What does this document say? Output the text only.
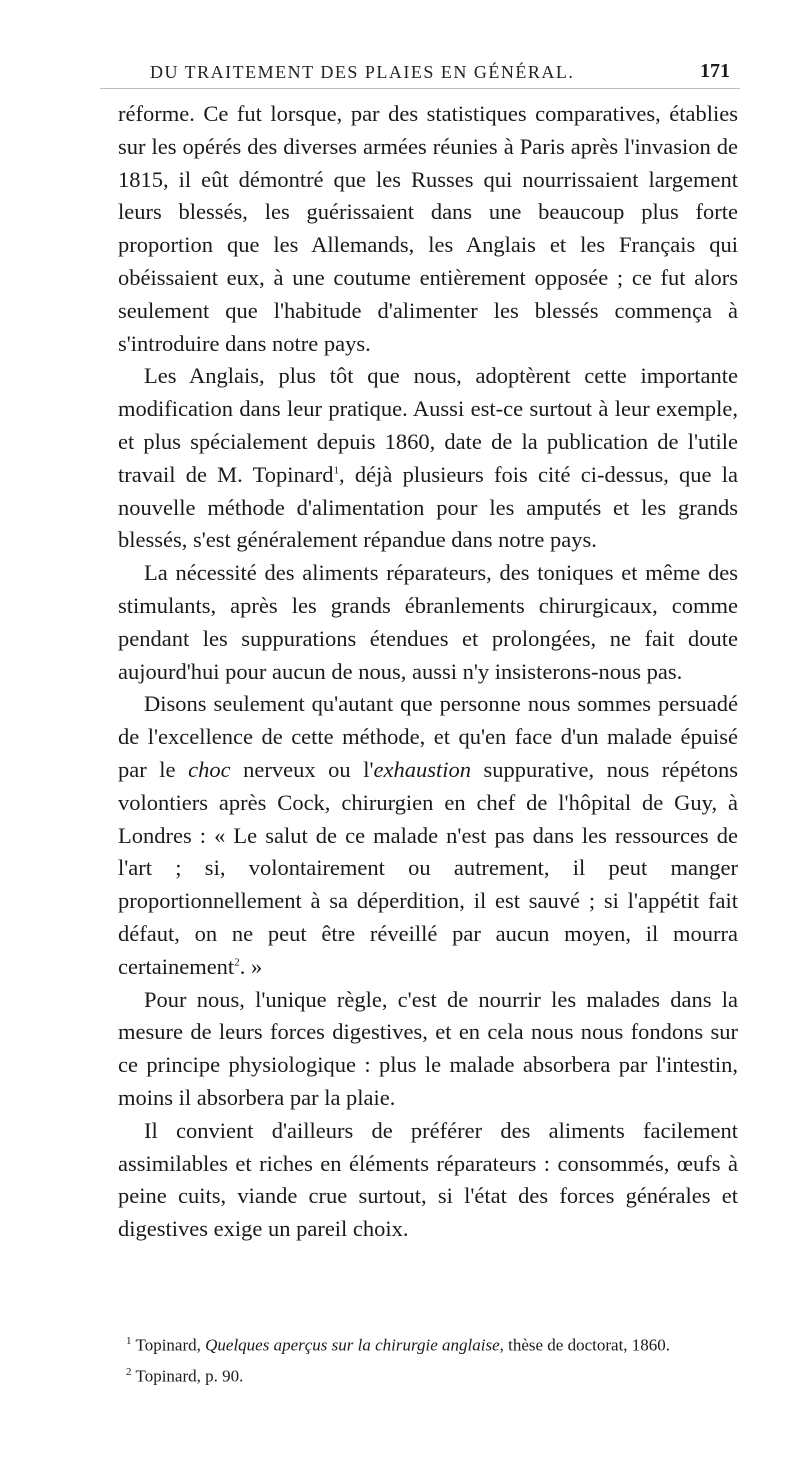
DU TRAITEMENT DES PLAIES EN GÉNÉRAL.	171

réforme. Ce fut lorsque, par des statistiques comparatives, établies sur les opérés des diverses armées réunies à Paris après l'invasion de 1815, il eût démontré que les Russes qui nourrissaient largement leurs blessés, les guérissaient dans une beaucoup plus forte proportion que les Allemands, les Anglais et les Français qui obéissaient eux, à une coutume entièrement opposée ; ce fut alors seulement que l'habitude d'alimenter les blessés commença à s'introduire dans notre pays.

Les Anglais, plus tôt que nous, adoptèrent cette importante modification dans leur pratique. Aussi est-ce surtout à leur exemple, et plus spécialement depuis 1860, date de la publication de l'utile travail de M. Topinard$^1$, déjà plusieurs fois cité ci-dessus, que la nouvelle méthode d'alimentation pour les amputés et les grands blessés, s'est généralement répandue dans notre pays.

La nécessité des aliments réparateurs, des toniques et même des stimulants, après les grands ébranlements chirurgicaux, comme pendant les suppurations étendues et prolongées, ne fait doute aujourd'hui pour aucun de nous, aussi n'y insisterons-nous pas.

Disons seulement qu'autant que personne nous sommes persuadé de l'excellence de cette méthode, et qu'en face d'un malade épuisé par le choc nerveux ou l'exhaustion suppurative, nous répétons volontiers après Cock, chirurgien en chef de l'hôpital de Guy, à Londres : « Le salut de ce malade n'est pas dans les ressources de l'art ; si, volontairement ou autrement, il peut manger proportionnellement à sa déperdition, il est sauvé ; si l'appétit fait défaut, on ne peut être réveillé par aucun moyen, il mourra certainement$^2$. »

Pour nous, l'unique règle, c'est de nourrir les malades dans la mesure de leurs forces digestives, et en cela nous nous fondons sur ce principe physiologique : plus le malade absorbera par l'intestin, moins il absorbera par la plaie.

Il convient d'ailleurs de préférer des aliments facilement assimilables et riches en éléments réparateurs : consommés, œufs à peine cuits, viande crue surtout, si l'état des forces générales et digestives exige un pareil choix.

$^1$ Topinard, Quelques aperçus sur la chirurgie anglaise, thèse de doctorat, 1860.

$^2$ Topinard, p. 90.
